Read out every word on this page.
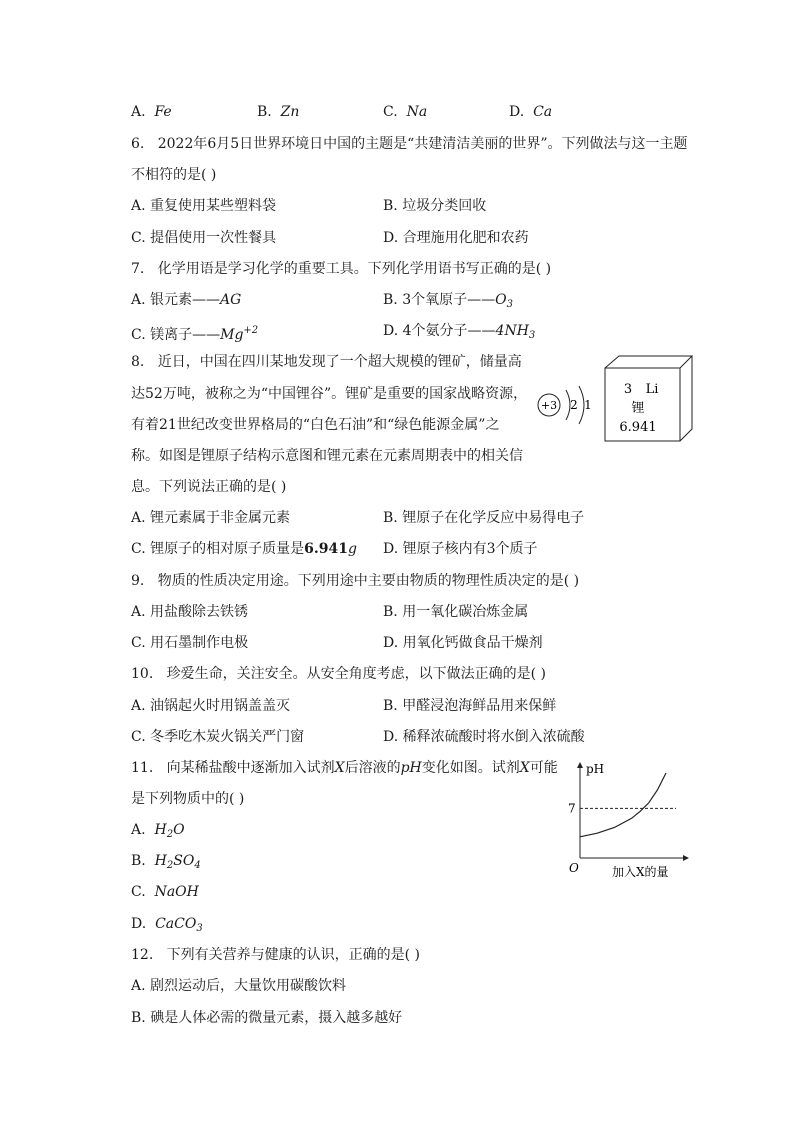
A. Fe	B. Zn	C. Na	D. Ca
6. 2022年6月5日世界环境日中国的主题是“共建清洁美丽的世界”。下列做法与这一主题
不相符的是( )
A. 重复使用某些塑料袋	B. 垃圾分类回收
C. 提倡使用一次性餐具	D. 合理施用化肥和农药
7. 化学用语是学习化学的重要工具。下列化学用语书写正确的是( )
A. 银元素——AG	B. 3个氧原子$——O_3$
C. 镁离子$——Mg^{+2}$	D. 4个氨分子$——4NH_3$
8. 近日，中国在四川某地发现了一个超大规模的锂矿，储量高
达52万吨，被称之为“中国锂谷”。锂矿是重要的国家战略资源，
有着21世纪改变世界格局的“白色石油”和“绿色能源金属”之
称。如图是锂原子结构示意图和锂元素在元素周期表中的相关信
息。下列说法正确的是( )
+3 2 1
3 Li
锂
6.941
A. 锂元素属于非金属元素	B. 锂原子在化学反应中易得电子
C. 锂原子的相对原子质量是6.941g D. 锂原子核内有3个质子
9. 物质的性质决定用途。下列用途中主要由物质的物理性质决定的是( )
A. 用盐酸除去铁锈	B. 用一氧化碳冶炼金属
C. 用石墨制作电极	D. 用氧化钙做食品干燥剂
10. 珍爱生命，关注安全。从安全角度考虑，以下做法正确的是( )
A. 油锅起火时用锅盖盖灭	B. 甲醛浸泡海鲜品用来保鲜
C. 冬季吃木炭火锅关严门窗	D. 稀释浓硫酸时将水倒入浓硫酸
11. 向某稀盐酸中逐渐加入试剂X后溶液的pH变化如图。试剂X可能
是下列物质中的( )
A. $H_2O$
B. $H_2SO_4$
C. NaOH
D. CaCO$_3$
pH
O	加入X的量
7
12. 下列有关营养与健康的认识，正确的是( )
A. 剧烈运动后，大量饮用碳酸饮料
B. 碘是人体必需的微量元素，摄入越多越好
